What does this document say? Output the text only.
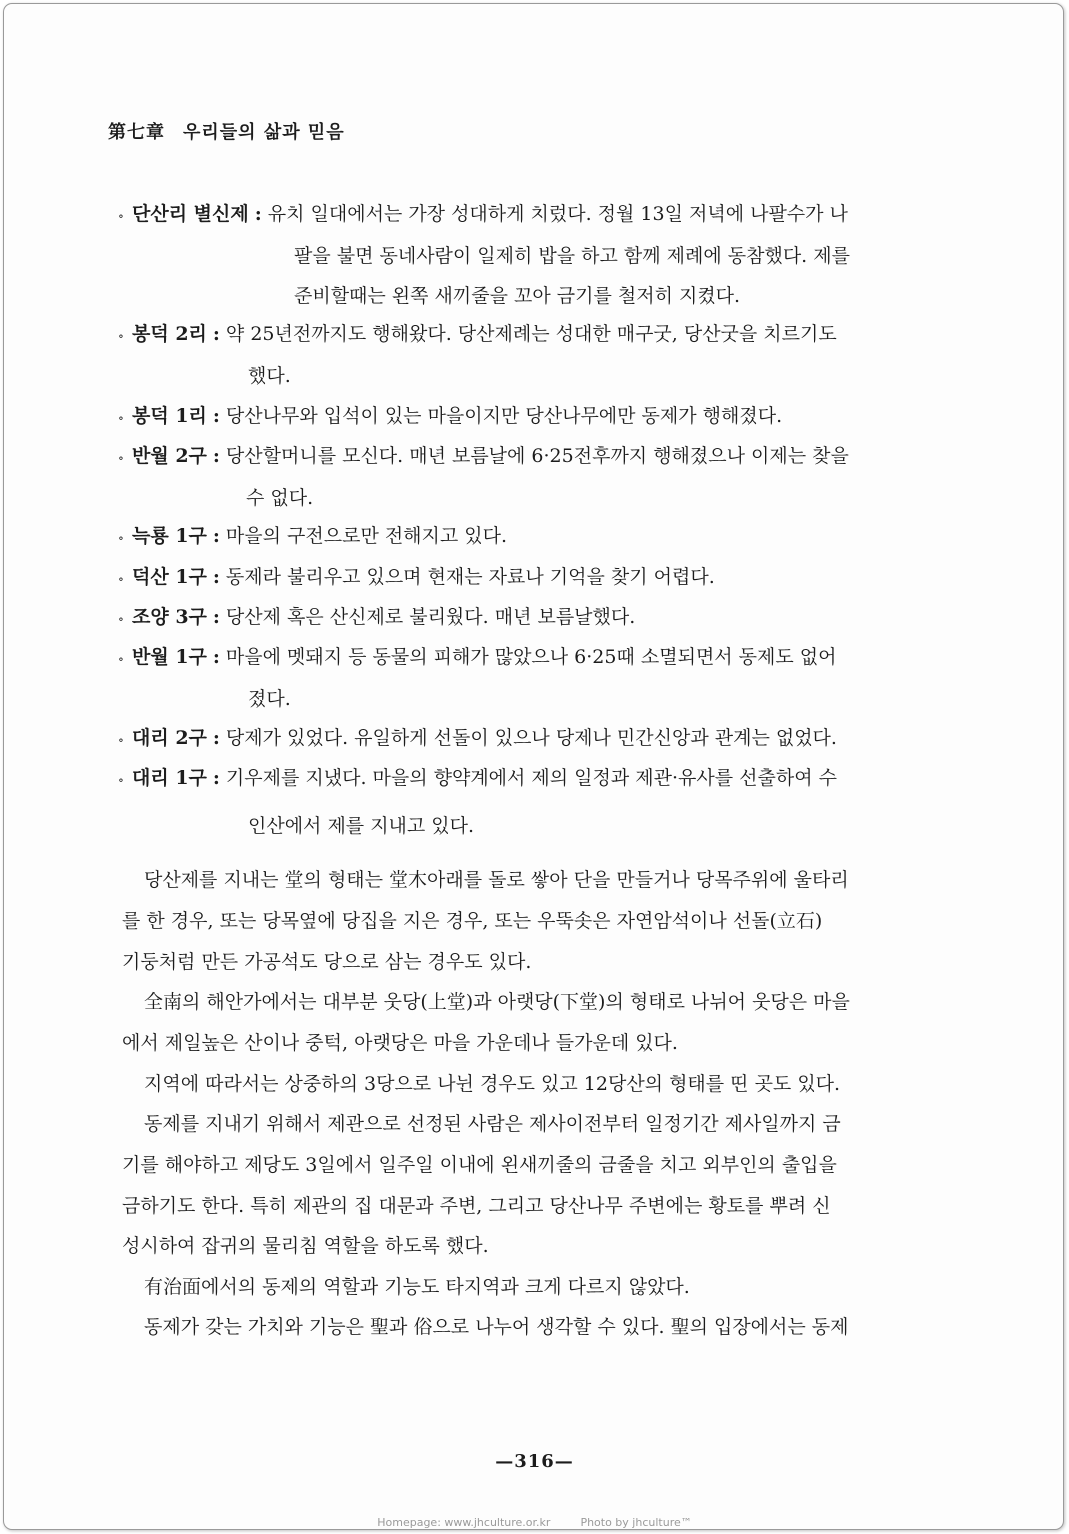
第七章 우리들의 삶과 믿음
∘ 단산리 별신제 : 유치 일대에서는 가장 성대하게 치렀다. 정월 13일 저녁에 나팔수가 나
팔을 불면 동네사람이 일제히 밥을 하고 함께 제례에 동참했다. 제를
준비할때는 왼쪽 새끼줄을 꼬아 금기를 철저히 지켰다.
∘ 봉덕 2리 : 약 25년전까지도 행해왔다. 당산제례는 성대한 매구굿, 당산굿을 치르기도
했다.
∘ 봉덕 1리 : 당산나무와 입석이 있는 마을이지만 당산나무에만 동제가 행해졌다.
∘ 반월 2구 : 당산할머니를 모신다. 매년 보름날에 6·25전후까지 행해졌으나 이제는 찾을
수 없다.
∘ 늑룡 1구 : 마을의 구전으로만 전해지고 있다.
∘ 덕산 1구 : 동제라 불리우고 있으며 현재는 자료나 기억을 찾기 어렵다.
∘ 조양 3구 : 당산제 혹은 산신제로 불리웠다. 매년 보름날했다.
∘ 반월 1구 : 마을에 멧돼지 등 동물의 피해가 많았으나 6·25때 소멸되면서 동제도 없어
졌다.
∘ 대리 2구 : 당제가 있었다. 유일하게 선돌이 있으나 당제나 민간신앙과 관계는 없었다.
∘ 대리 1구 : 기우제를 지냈다. 마을의 향약계에서 제의 일정과 제관·유사를 선출하여 수
인산에서 제를 지내고 있다.
당산제를 지내는 堂의 형태는 堂木아래를 돌로 쌓아 단을 만들거나 당목주위에 울타리
를 한 경우, 또는 당목옆에 당집을 지은 경우, 또는 우뚝솟은 자연암석이나 선돌(立石)
기둥처럼 만든 가공석도 당으로 삼는 경우도 있다.
全南의 해안가에서는 대부분 웃당(上堂)과 아랫당(下堂)의 형태로 나뉘어 웃당은 마을
에서 제일높은 산이나 중턱, 아랫당은 마을 가운데나 들가운데 있다.
지역에 따라서는 상중하의 3당으로 나뉜 경우도 있고 12당산의 형태를 띤 곳도 있다.
동제를 지내기 위해서 제관으로 선정된 사람은 제사이전부터 일정기간 제사일까지 금
기를 해야하고 제당도 3일에서 일주일 이내에 왼새끼줄의 금줄을 치고 외부인의 출입을
금하기도 한다. 특히 제관의 집 대문과 주변, 그리고 당산나무 주변에는 황토를 뿌려 신
성시하여 잡귀의 물리침 역할을 하도록 했다.
有治面에서의 동제의 역할과 기능도 타지역과 크게 다르지 않았다.
동제가 갖는 가치와 기능은 聖과 俗으로 나누어 생각할 수 있다. 聖의 입장에서는 동제
—316—
Homepage: www.jhculture.or.kr	Photo by jhculture™
